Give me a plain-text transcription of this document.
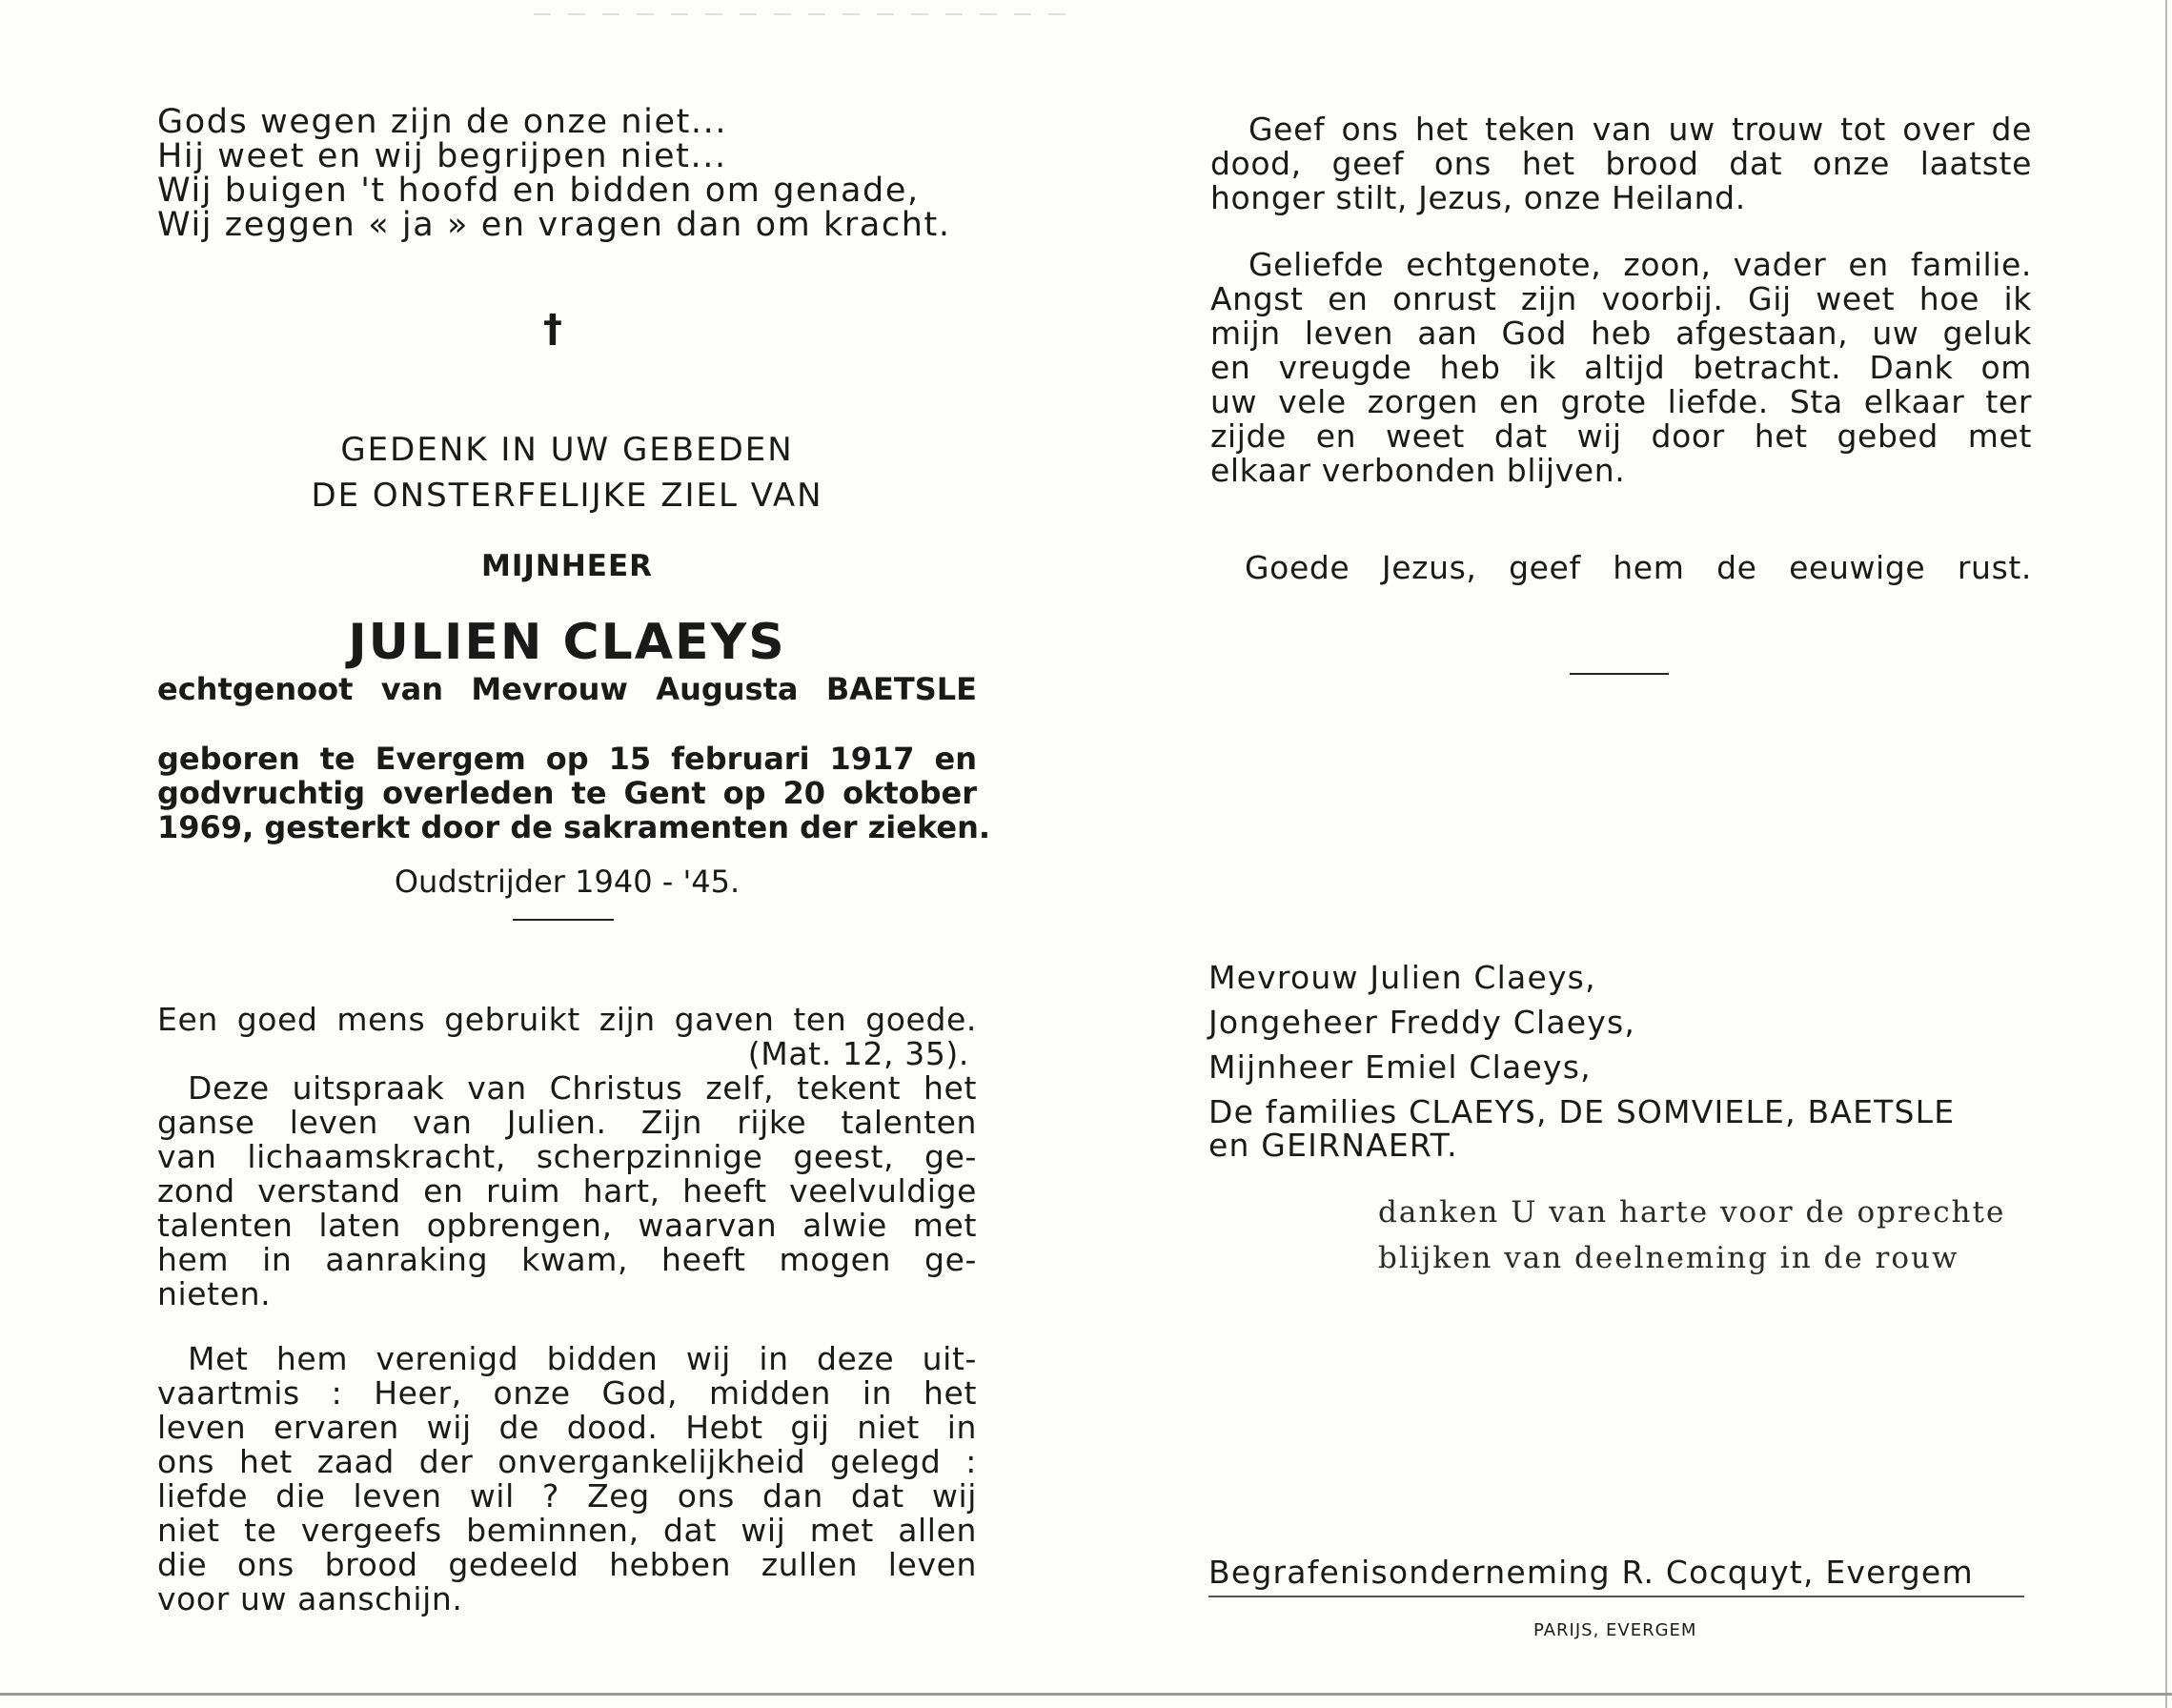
Gods wegen zijn de onze niet...
Hij weet en wij begrijpen niet...
Wij buigen 't hoofd en bidden om genade,
Wij zeggen « ja » en vragen dan om kracht.
†
GEDENK IN UW GEBEDEN
DE ONSTERFELIJKE ZIEL VAN
MIJNHEER
JULIEN CLAEYS
echtgenoot van Mevrouw Augusta BAETSLE
geboren te Evergem op 15 februari 1917 en
godvruchtig overleden te Gent op 20 oktober
1969, gesterkt door de sakramenten der zieken.
Oudstrijder 1940 - '45.
Een goed mens gebruikt zijn gaven ten goede.
(Mat. 12, 35).
Deze uitspraak van Christus zelf, tekent het
ganse leven van Julien. Zijn rijke talenten
van lichaamskracht, scherpzinnige geest, ge-
zond verstand en ruim hart, heeft veelvuldige
talenten laten opbrengen, waarvan alwie met
hem in aanraking kwam, heeft mogen ge-
nieten.
Met hem verenigd bidden wij in deze uit-
vaartmis : Heer, onze God, midden in het
leven ervaren wij de dood. Hebt gij niet in
ons het zaad der onvergankelijkheid gelegd :
liefde die leven wil ? Zeg ons dan dat wij
niet te vergeefs beminnen, dat wij met allen
die ons brood gedeeld hebben zullen leven
voor uw aanschijn.
Geef ons het teken van uw trouw tot over de
dood, geef ons het brood dat onze laatste
honger stilt, Jezus, onze Heiland.
Geliefde echtgenote, zoon, vader en familie.
Angst en onrust zijn voorbij. Gij weet hoe ik
mijn leven aan God heb afgestaan, uw geluk
en vreugde heb ik altijd betracht. Dank om
uw vele zorgen en grote liefde. Sta elkaar ter
zijde en weet dat wij door het gebed met
elkaar verbonden blijven.
Goede Jezus, geef hem de eeuwige rust.
Mevrouw Julien Claeys,
Jongeheer Freddy Claeys,
Mijnheer Emiel Claeys,
De families CLAEYS, DE SOMVIELE, BAETSLE
en GEIRNAERT.
danken U van harte voor de oprechte
blijken van deelneming in de rouw
Begrafenisonderneming R. Cocquyt, Evergem
PARIJS, EVERGEM
